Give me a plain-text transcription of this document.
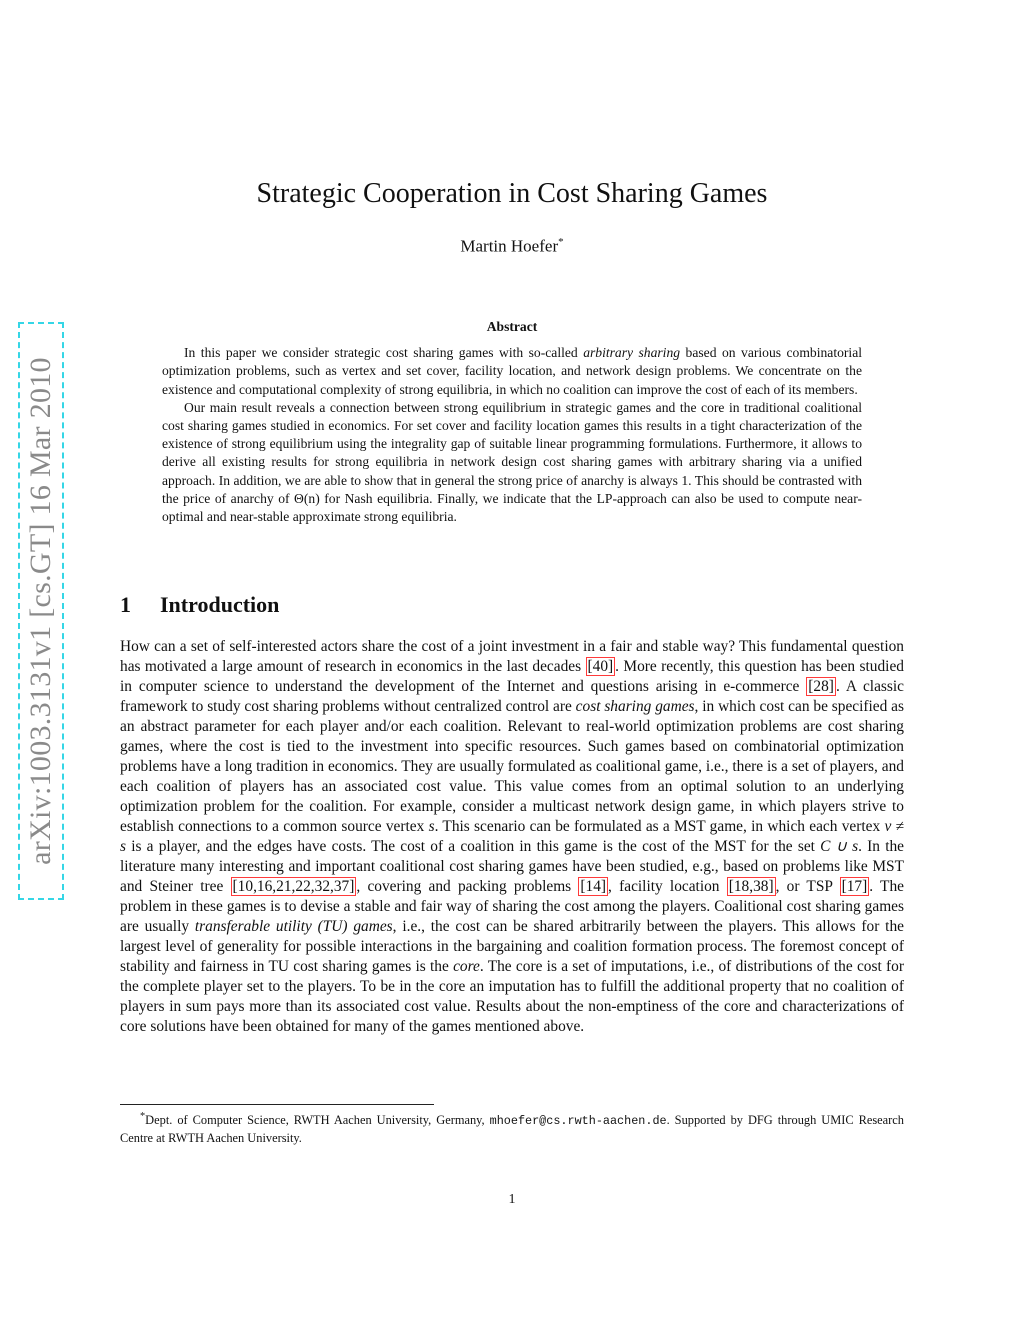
arXiv:1003.3131v1 [cs.GT] 16 Mar 2010
Strategic Cooperation in Cost Sharing Games
Martin Hoefer*
Abstract

In this paper we consider strategic cost sharing games with so-called arbitrary sharing based on various combinatorial optimization problems, such as vertex and set cover, facility location, and network design problems. We concentrate on the existence and computational complexity of strong equilibria, in which no coalition can improve the cost of each of its members.

Our main result reveals a connection between strong equilibrium in strategic games and the core in traditional coalitional cost sharing games studied in economics. For set cover and facility location games this results in a tight characterization of the existence of strong equilibrium using the integrality gap of suitable linear programming formulations. Furthermore, it allows to derive all existing results for strong equilibria in network design cost sharing games with arbitrary sharing via a unified approach. In addition, we are able to show that in general the strong price of anarchy is always 1. This should be contrasted with the price of anarchy of Θ(n) for Nash equilibria. Finally, we indicate that the LP-approach can also be used to compute near-optimal and near-stable approximate strong equilibria.

1 Introduction

How can a set of self-interested actors share the cost of a joint investment in a fair and stable way? This fundamental question has motivated a large amount of research in economics in the last decades [40] . More recently, this question has been studied in computer science to understand the development of the Internet and questions arising in e-commerce [28] . A classic framework to study cost sharing problems without centralized control are cost sharing games, in which cost can be specified as an abstract parameter for each player and/or each coalition. Relevant to real-world optimization problems are cost sharing games, where the cost is tied to the investment into specific resources. Such games based on combinatorial optimization problems have a long tradition in economics. They are usually formulated as coalitional game, i.e., there is a set of players, and each coalition of players has an associated cost value. This value comes from an optimal solution to an underlying optimization problem for the coalition. For example, consider a multicast network design game, in which players strive to establish connections to a common source vertex s. This scenario can be formulated as a MST game, in which each vertex v ≠ s is a player, and the edges have costs. The cost of a coalition in this game is the cost of the MST for the set C ∪ s. In the literature many interesting and important coalitional cost sharing games have been studied, e.g., based on problems like MST and Steiner tree [10,16,21,22,32,37] , covering and packing problems [14] , facility location [18,38] , or TSP [17] . The problem in these games is to devise a stable and fair way of sharing the cost among the players. Coalitional cost sharing games are usually transferable utility (TU) games, i.e., the cost can be shared arbitrarily between the players. This allows for the largest level of generality for possible interactions in the bargaining and coalition formation process. The foremost concept of stability and fairness in TU cost sharing games is the core. The core is a set of imputations, i.e., of distributions of the cost for the complete player set to the players. To be in the core an imputation has to fulfill the additional property that no coalition of players in sum pays more than its associated cost value. Results about the non-emptiness of the core and characterizations of core solutions have been obtained for many of the games mentioned above.

*Dept. of Computer Science, RWTH Aachen University, Germany, mhoefer@cs.rwth-aachen.de. Supported by DFG through UMIC Research Centre at RWTH Aachen University.
1
